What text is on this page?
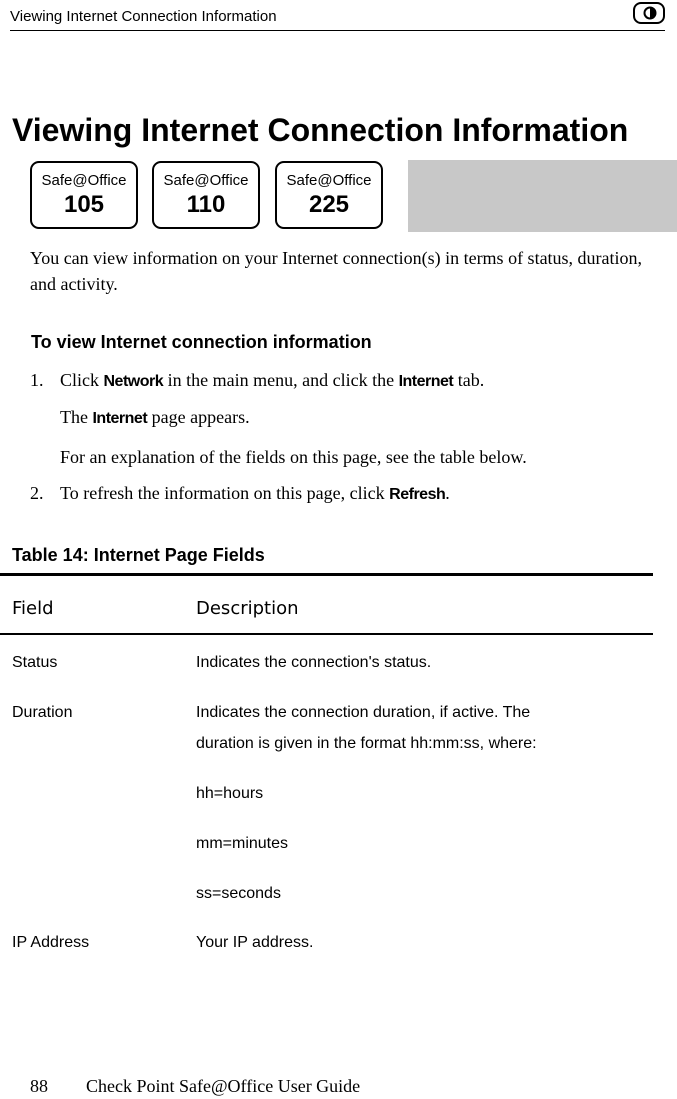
Viewing Internet Connection Information
Viewing Internet Connection Information
Safe@Office
105
Safe@Office
110
Safe@Office
225

You can view information on your Internet connection(s) in terms of status, duration, and activity.

To view Internet connection information
1. Click Network in the main menu, and click the Internet tab.
The Internet page appears.
For an explanation of the fields on this page, see the table below.
2. To refresh the information on this page, click Refresh.
Table 14: Internet Page Fields
Field	Description
Status	Indicates the connection's status.
Duration	Indicates the connection duration, if active. The
duration is given in the format hh:mm:ss, where:
hh=hours
mm=minutes
ss=seconds
IP Address	Your IP address.
88 Check Point Safe@Office User Guide
